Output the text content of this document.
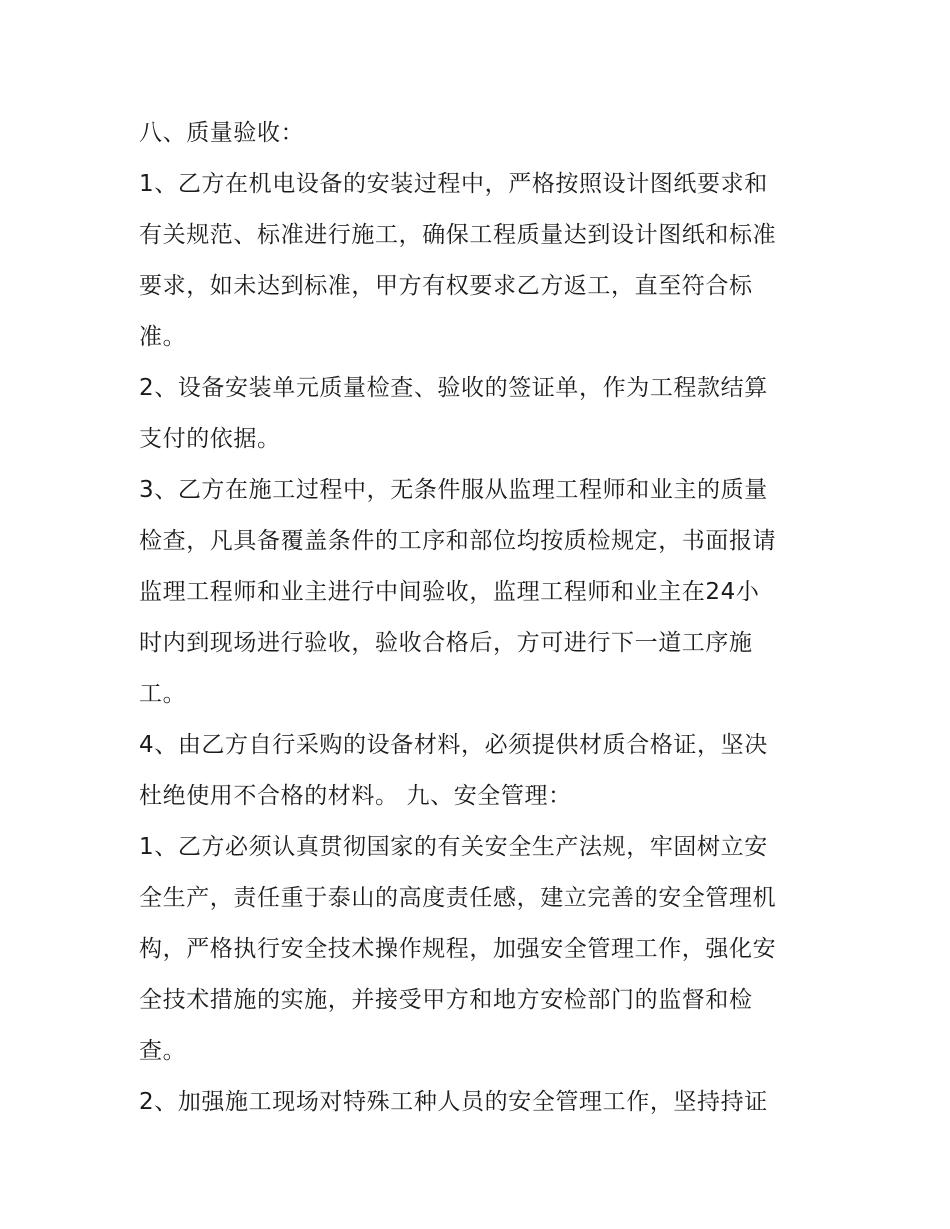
八、质量验收：
1、乙方在机电设备的安装过程中，严格按照设计图纸要求和
有关规范、标准进行施工，确保工程质量达到设计图纸和标准
要求，如未达到标准，甲方有权要求乙方返工，直至符合标
准。
2、设备安装单元质量检查、验收的签证单，作为工程款结算
支付的依据。
3、乙方在施工过程中，无条件服从监理工程师和业主的质量
检查，凡具备覆盖条件的工序和部位均按质检规定，书面报请
监理工程师和业主进行中间验收，监理工程师和业主在24小
时内到现场进行验收，验收合格后，方可进行下一道工序施
工。
4、由乙方自行采购的设备材料，必须提供材质合格证，坚决
杜绝使用不合格的材料。 九、安全管理：
1、乙方必须认真贯彻国家的有关安全生产法规，牢固树立安
全生产，责任重于泰山的高度责任感，建立完善的安全管理机
构，严格执行安全技术操作规程，加强安全管理工作，强化安
全技术措施的实施，并接受甲方和地方安检部门的监督和检
查。
2、加强施工现场对特殊工种人员的安全管理工作，坚持持证
